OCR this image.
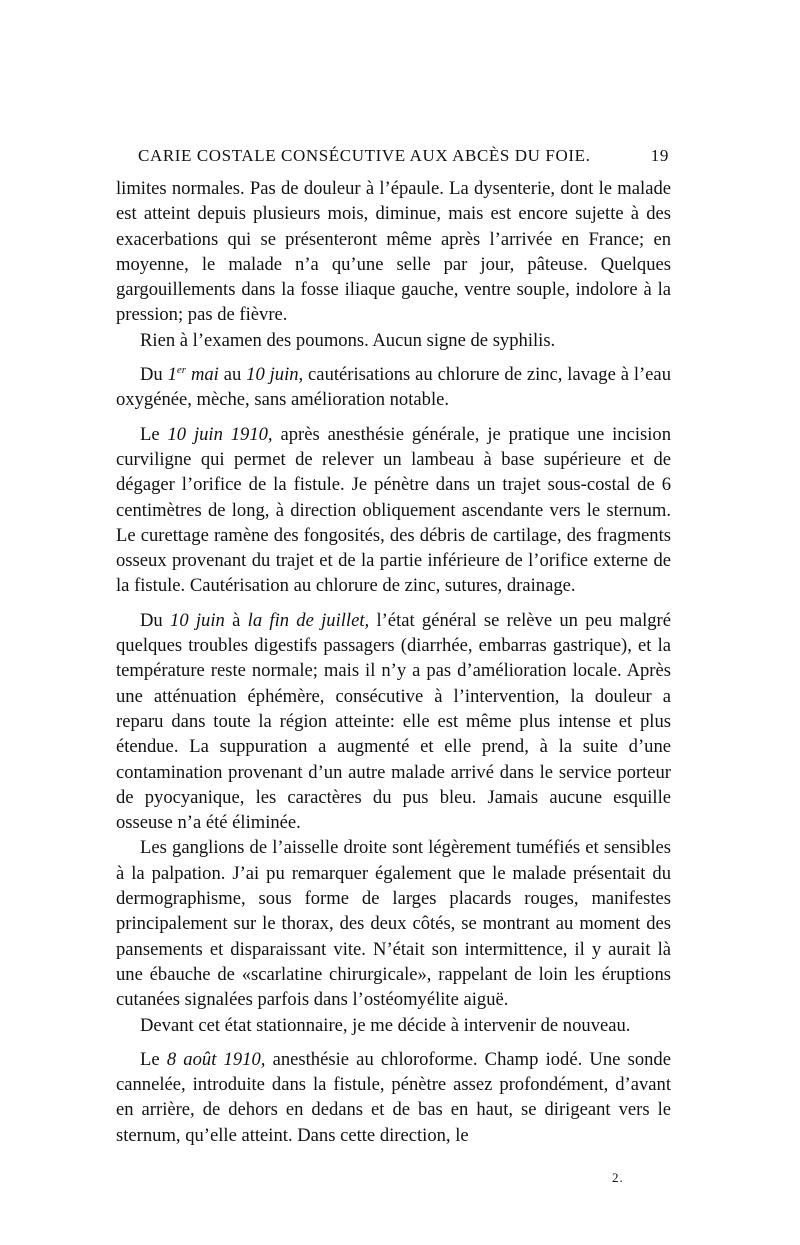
CARIE COSTALE CONSÉCUTIVE AUX ABCÈS DU FOIE.	19

limites normales. Pas de douleur à l’épaule. La dysenterie, dont le malade est atteint depuis plusieurs mois, diminue, mais est encore sujette à des exacerbations qui se présenteront même après l’arrivée en France; en moyenne, le malade n’a qu’une selle par jour, pâteuse. Quelques gargouillements dans la fosse iliaque gauche, ventre souple, indolore à la pression; pas de fièvre.

Rien à l’examen des poumons. Aucun signe de syphilis.

Du 1er mai au 10 juin, cautérisations au chlorure de zinc, lavage à l’eau oxygénée, mèche, sans amélioration notable.

Le 10 juin 1910, après anesthésie générale, je pratique une incision curviligne qui permet de relever un lambeau à base supérieure et de dégager l’orifice de la fistule. Je pénètre dans un trajet sous-costal de 6 centimètres de long, à direction obliquement ascendante vers le sternum. Le curettage ramène des fongosités, des débris de cartilage, des fragments osseux provenant du trajet et de la partie inférieure de l’orifice externe de la fistule. Cautérisation au chlorure de zinc, sutures, drainage.

Du 10 juin à la fin de juillet, l’état général se relève un peu malgré quelques troubles digestifs passagers (diarrhée, embarras gastrique), et la température reste normale; mais il n’y a pas d’amélioration locale. Après une atténuation éphémère, consécutive à l’intervention, la douleur a reparu dans toute la région atteinte: elle est même plus intense et plus étendue. La suppuration a augmenté et elle prend, à la suite d’une contamination provenant d’un autre malade arrivé dans le service porteur de pyocyanique, les caractères du pus bleu. Jamais aucune esquille osseuse n’a été éliminée.

Les ganglions de l’aisselle droite sont légèrement tuméfiés et sensibles à la palpation. J’ai pu remarquer également que le malade présentait du dermographisme, sous forme de larges placards rouges, manifestes principalement sur le thorax, des deux côtés, se montrant au moment des pansements et disparaissant vite. N’était son intermittence, il y aurait là une ébauche de «scarlatine chirurgicale», rappelant de loin les éruptions cutanées signalées parfois dans l’ostéomyélite aiguë.

Devant cet état stationnaire, je me décide à intervenir de nouveau.

Le 8 août 1910, anesthésie au chloroforme. Champ iodé. Une sonde cannelée, introduite dans la fistule, pénètre assez profondément, d’avant en arrière, de dehors en dedans et de bas en haut, se dirigeant vers le sternum, qu’elle atteint. Dans cette direction, le

2.
